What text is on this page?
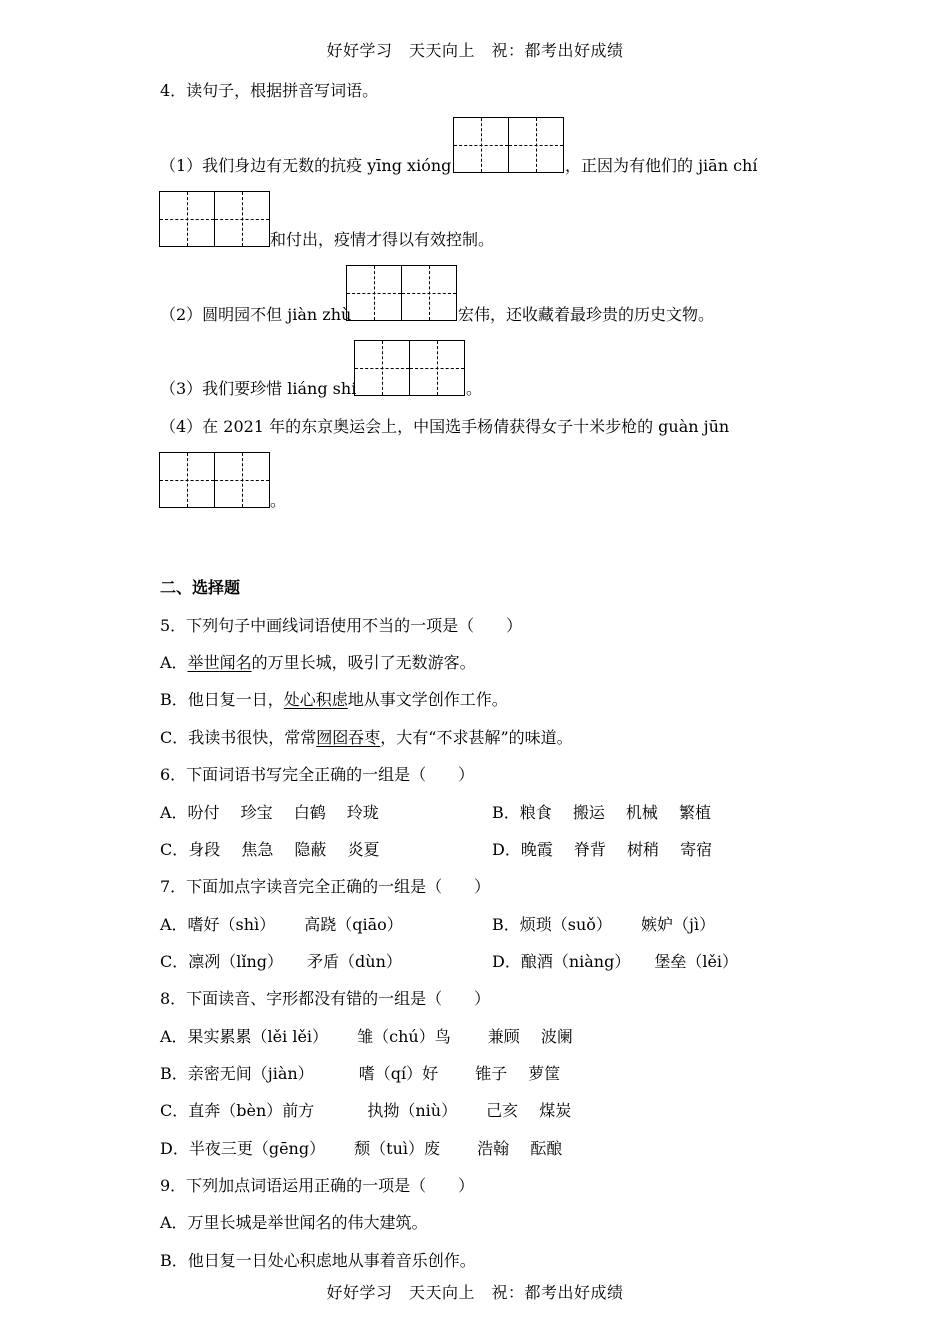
好好学习　天天向上　祝：都考出好成绩
4．读句子，根据拼音写词语。
（1）我们身边有无数的抗疫 yīng xióng	，正因为有他们的 jiān chí
和付出，疫情才得以有效控制。
（2）圆明园不但 jiàn zhù	宏伟，还收藏着最珍贵的历史文物。
（3）我们要珍惜 liáng shi	。
（4）在 2021 年的东京奥运会上，中国选手杨倩获得女子十米步枪的 guàn jūn
。
二、选择题
5．下列句子中画线词语使用不当的一项是（　　）
A．举世闻名的万里长城，吸引了无数游客。
B．他日复一日，处心积虑地从事文学创作工作。
C．我读书很快，常常囫囵吞枣，大有“不求甚解”的味道。
6．下面词语书写完全正确的一组是（　　）
A．吩付　 珍宝　 白鹤　 玲珑	B．粮食　 搬运　 机械　 繁植
C．身段　 焦急　 隐蔽　 炎夏	D．晚霞　 脊背　 树稍　 寄宿
7．下面加点字读音完全正确的一组是（　　）
A．嗜好（shì）　　 高跷（qiāo）	B．烦琐（suǒ）　　 嫉妒（jì）
C．凛冽（lǐng）　　矛盾（dùn）	D．酿酒（niàng）　　堡垒（lěi）
8．下面读音、字形都没有错的一组是（　　）
A．果实累累（lěi lěi）　　 雏（chú）鸟　　 兼顾　 波阑
B．亲密无间（jiàn）　　　 嗜（qí）好　　 锥子　 萝筐
C．直奔（bèn）前方　　　 执拗（niù）　　 己亥　 煤炭
D．半夜三更（gēng）　　 颓（tuì）废　　 浩翰　 酝酿
9．下列加点词语运用正确的一项是（　　）
A．万里长城是举世闻名的伟大建筑。
B．他日复一日处心积虑地从事着音乐创作。
好好学习　天天向上　祝：都考出好成绩
